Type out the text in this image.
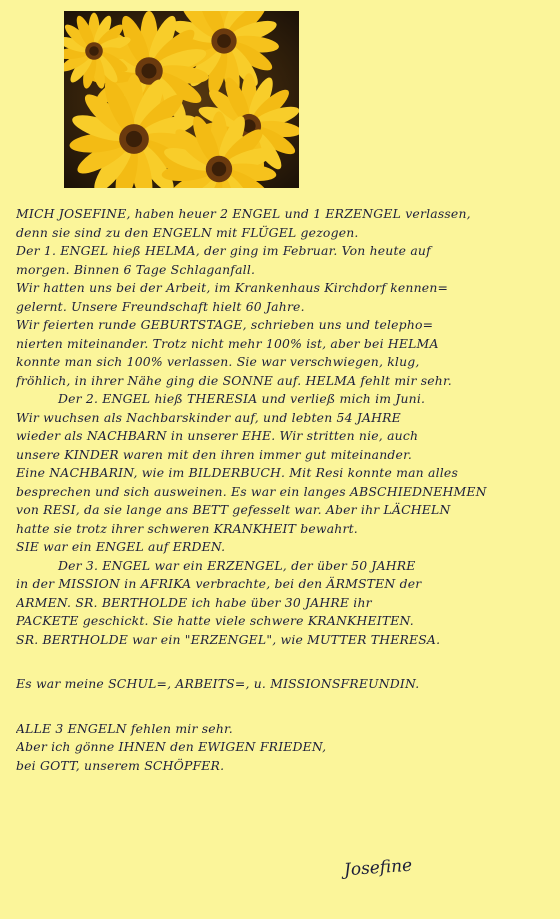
MICH JOSEFINE, haben heuer 2 ENGEL und 1 ERZENGEL verlassen,
denn sie sind zu den ENGELN mit FLÜGEL gezogen.
Der 1. ENGEL hieß HELMA, der ging im Februar. Von heute auf
morgen. Binnen 6 Tage Schlaganfall.
Wir hatten uns bei der Arbeit, im Krankenhaus Kirchdorf kennen=
gelernt. Unsere Freundschaft hielt 60 Jahre.
Wir feierten runde GEBURTSTAGE, schrieben uns und telepho=
nierten miteinander. Trotz nicht mehr 100% ist, aber bei HELMA
konnte man sich 100% verlassen. Sie war verschwiegen, klug,
fröhlich, in ihrer Nähe ging die SONNE auf. HELMA fehlt mir sehr.
Der 2. ENGEL hieß THERESIA und verließ mich im Juni.
Wir wuchsen als Nachbarskinder auf, und lebten 54 JAHRE
wieder als NACHBARN in unserer EHE. Wir stritten nie, auch
unsere KINDER waren mit den ihren immer gut miteinander.
Eine NACHBARIN, wie im BILDERBUCH. Mit Resi konnte man alles
besprechen und sich ausweinen. Es war ein langes ABSCHIEDNEHMEN
von RESI, da sie lange ans BETT gefesselt war. Aber ihr LÄCHELN
hatte sie trotz ihrer schweren KRANKHEIT bewahrt.
SIE war ein ENGEL auf ERDEN.
Der 3. ENGEL war ein ERZENGEL, der über 50 JAHRE
in der MISSION in AFRIKA verbrachte, bei den ÄRMSTEN der
ARMEN. SR. BERTHOLDE ich habe über 30 JAHRE ihr
PACKETE geschickt. Sie hatte viele schwere KRANKHEITEN.
SR. BERTHOLDE war ein "ERZENGEL", wie MUTTER THERESA.
Es war meine SCHUL=, ARBEITS=, u. MISSIONSFREUNDIN.
ALLE 3 ENGELN fehlen mir sehr.
Aber ich gönne IHNEN den EWIGEN FRIEDEN,
bei GOTT, unserem SCHÖPFER.
Josefine
